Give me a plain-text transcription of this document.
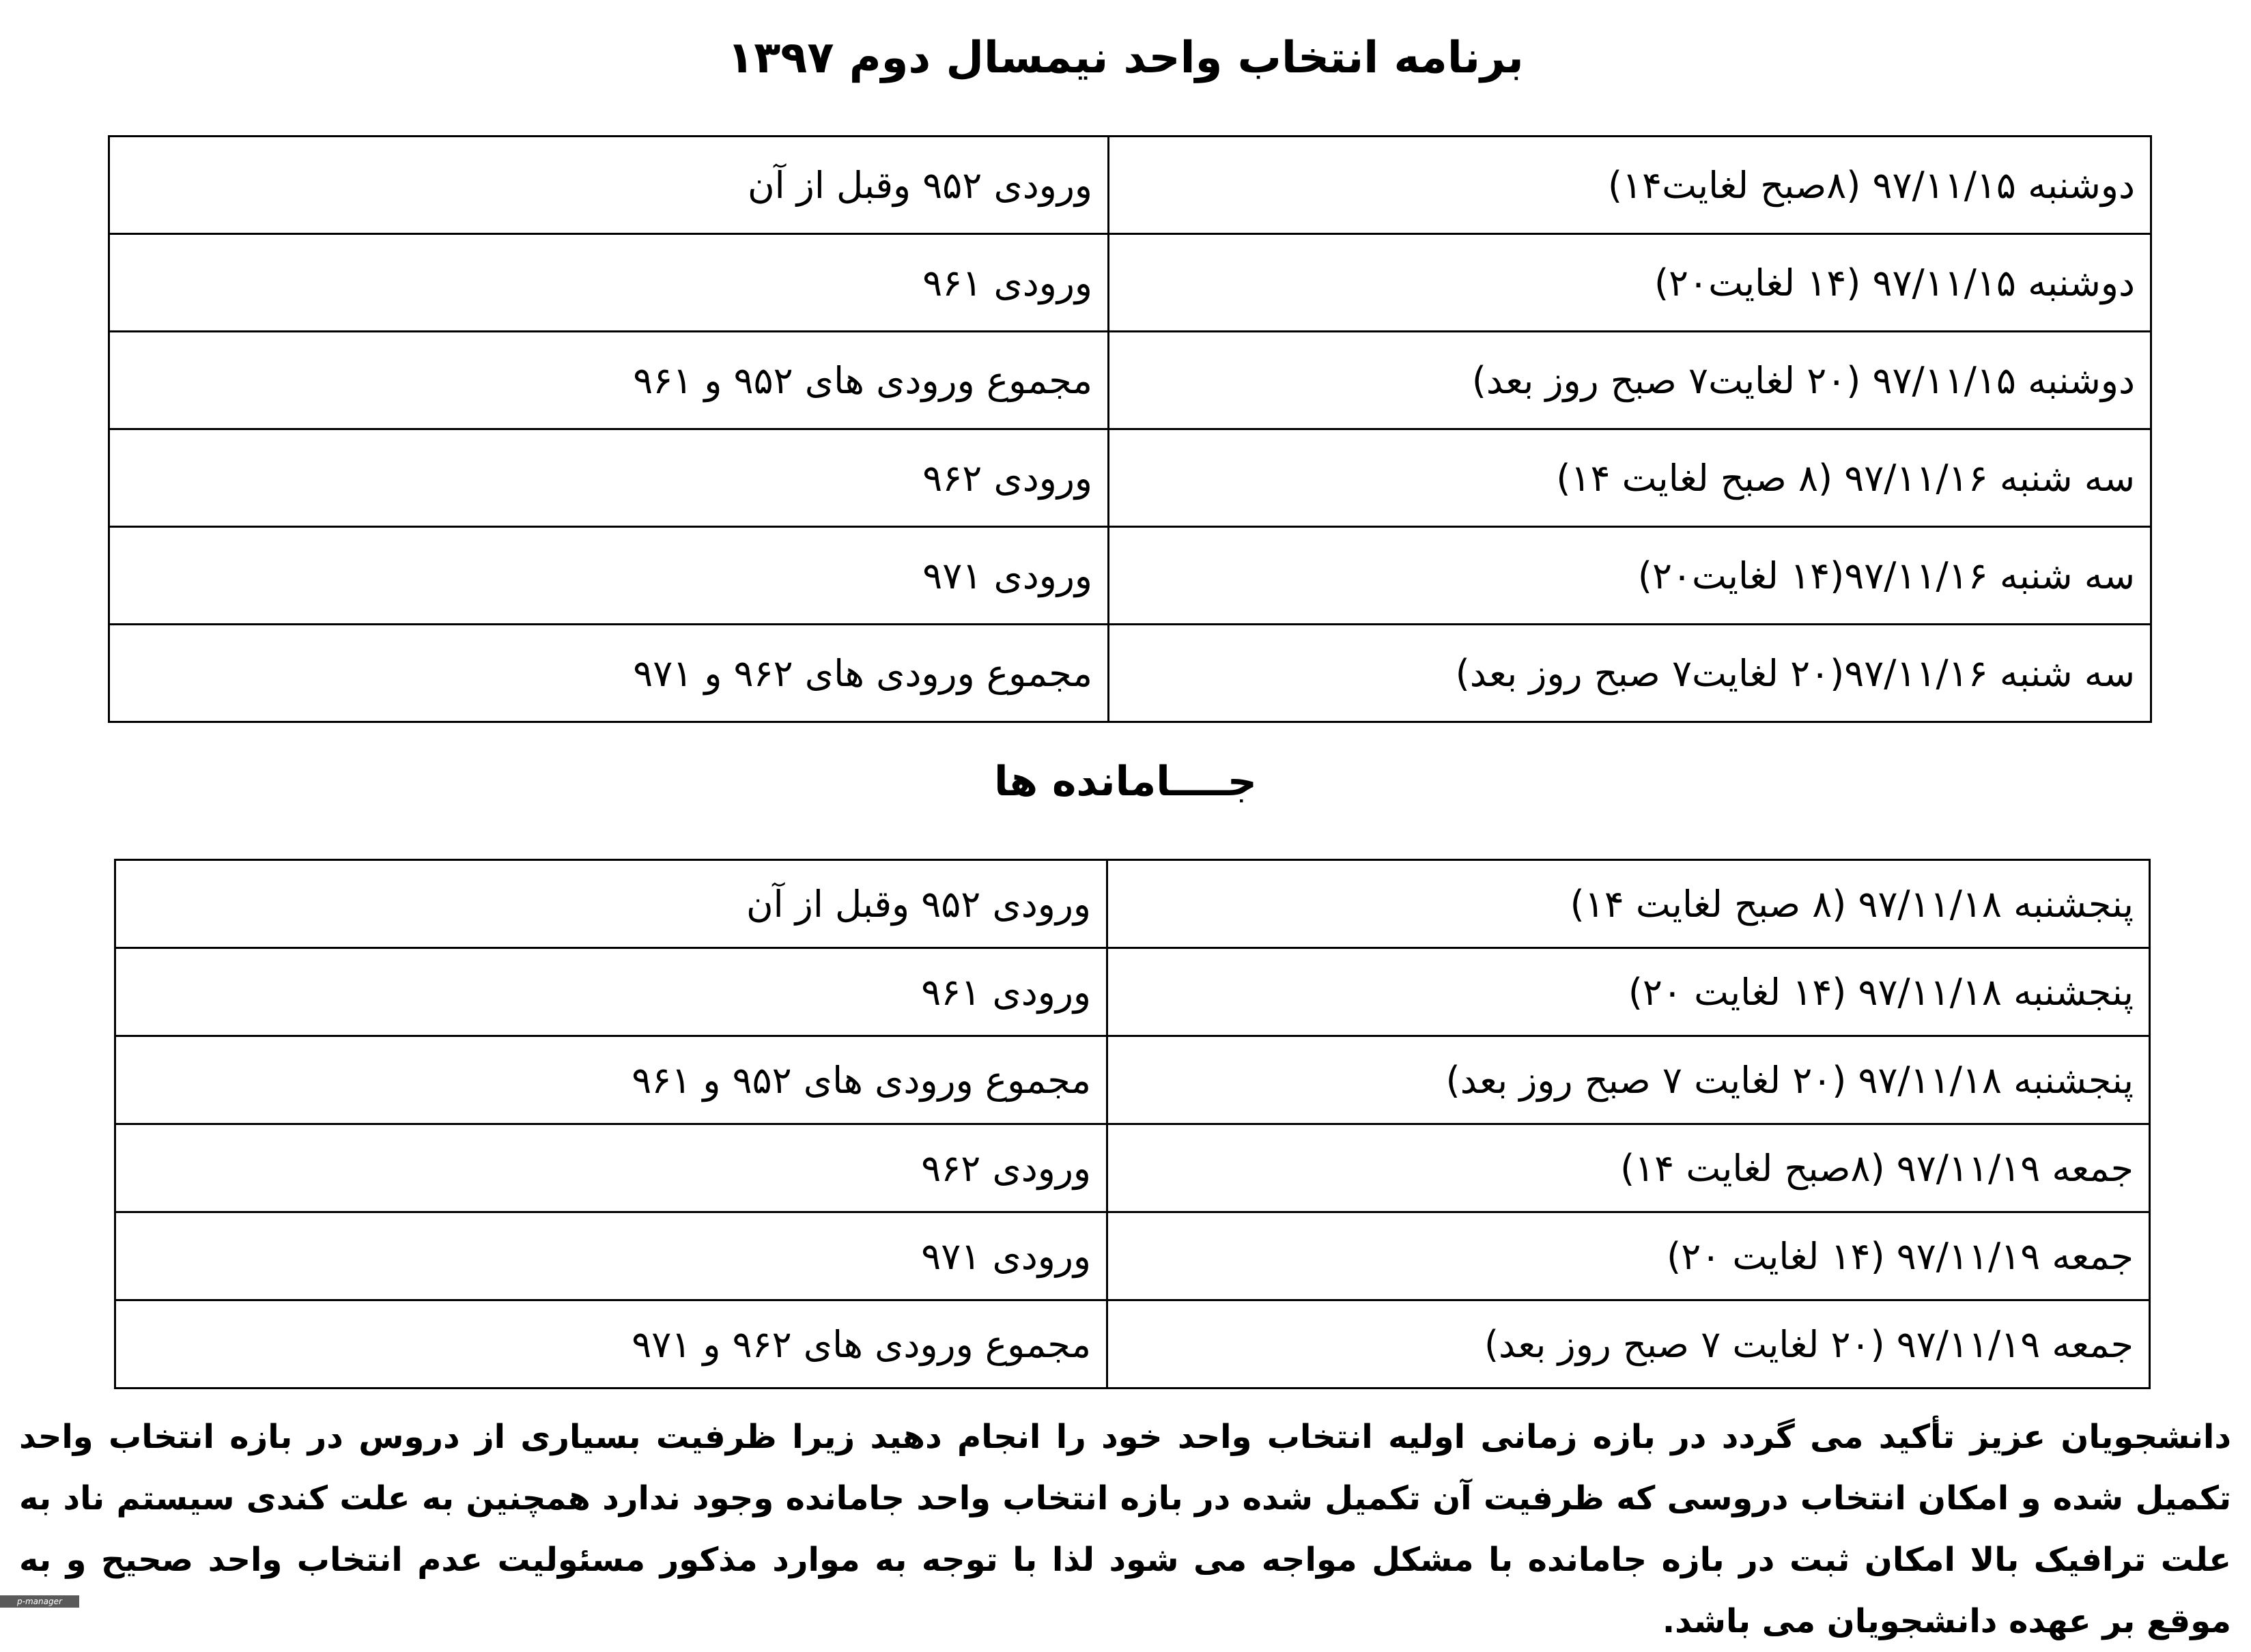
برنامه انتخاب واحد نیمسال دوم ۱۳۹۷
دوشنبه ۹۷/۱۱/۱۵ (۸صبح لغایت۱۴)	ورودی ۹۵۲ وقبل از آن
دوشنبه ۹۷/۱۱/۱۵ (۱۴ لغایت۲۰)	ورودی ۹۶۱
دوشنبه ۹۷/۱۱/۱۵ (۲۰ لغایت۷ صبح روز بعد)	مجموع ورودی های ۹۵۲ و ۹۶۱
سه شنبه ۹۷/۱۱/۱۶ (۸ صبح لغایت ۱۴)	ورودی ۹۶۲
سه شنبه ۹۷/۱۱/۱۶(۱۴ لغایت۲۰)	ورودی ۹۷۱
سه شنبه ۹۷/۱۱/۱۶(۲۰ لغایت۷ صبح روز بعد)	مجموع ورودی های ۹۶۲ و ۹۷۱
جــــامانده ها
پنجشنبه ۹۷/۱۱/۱۸ (۸ صبح لغایت ۱۴)	ورودی ۹۵۲ وقبل از آن
پنجشنبه ۹۷/۱۱/۱۸ (۱۴ لغایت ۲۰)	ورودی ۹۶۱
پنجشنبه ۹۷/۱۱/۱۸ (۲۰ لغایت ۷ صبح روز بعد)	مجموع ورودی های ۹۵۲ و ۹۶۱
جمعه ۹۷/۱۱/۱۹ (۸صبح لغایت ۱۴)	ورودی ۹۶۲
جمعه ۹۷/۱۱/۱۹ (۱۴ لغایت ۲۰)	ورودی ۹۷۱
جمعه ۹۷/۱۱/۱۹ (۲۰ لغایت ۷ صبح روز بعد)	مجموع ورودی های ۹۶۲ و ۹۷۱

دانشجویان عزیز تأکید می گردد در بازه زمانی اولیه انتخاب واحد خود را انجام دهید زیرا ظرفیت بسیاری از دروس در بازه انتخاب واحد تکمیل شده و امکان انتخاب دروسی که ظرفیت آن تکمیل شده در بازه انتخاب واحد جامانده وجود ندارد همچنین به علت کندی سیستم ناد به علت ترافیک بالا امکان ثبت در بازه جامانده با مشکل مواجه می شود لذا با توجه به موارد مذکور مسئولیت عدم انتخاب واحد صحیح و به موقع بر عهده دانشجویان می باشد.

p-manager
